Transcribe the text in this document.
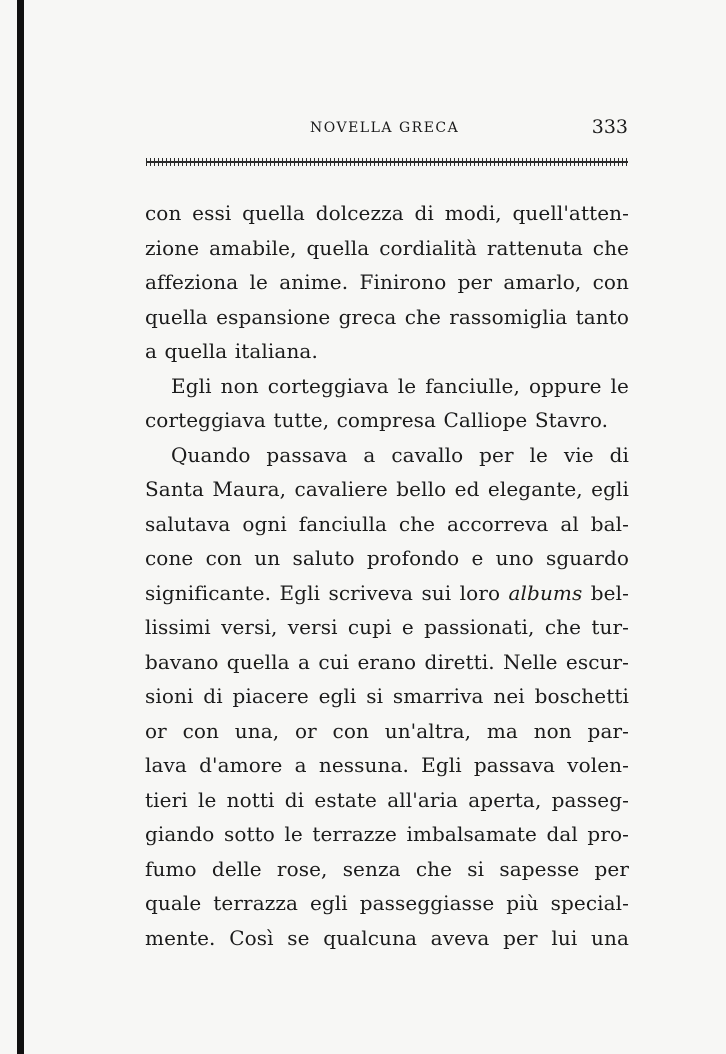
NOVELLA GRECA	333
con essi quella dolcezza di modi, quell'atten-
zione amabile, quella cordialità rattenuta che
affeziona le anime. Finirono per amarlo, con
quella espansione greca che rassomiglia tanto
a quella italiana.
Egli non corteggiava le fanciulle, oppure le
corteggiava tutte, compresa Calliope Stavro.
Quando passava a cavallo per le vie di
Santa Maura, cavaliere bello ed elegante, egli
salutava ogni fanciulla che accorreva al bal-
cone con un saluto profondo e uno sguardo
significante. Egli scriveva sui loro albums bel-
lissimi versi, versi cupi e passionati, che tur-
bavano quella a cui erano diretti. Nelle escur-
sioni di piacere egli si smarriva nei boschetti
or con una, or con un'altra, ma non par-
lava d'amore a nessuna. Egli passava volen-
tieri le notti di estate all'aria aperta, passeg-
giando sotto le terrazze imbalsamate dal pro-
fumo delle rose, senza che si sapesse per
quale terrazza egli passeggiasse più special-
mente. Così se qualcuna aveva per lui una
